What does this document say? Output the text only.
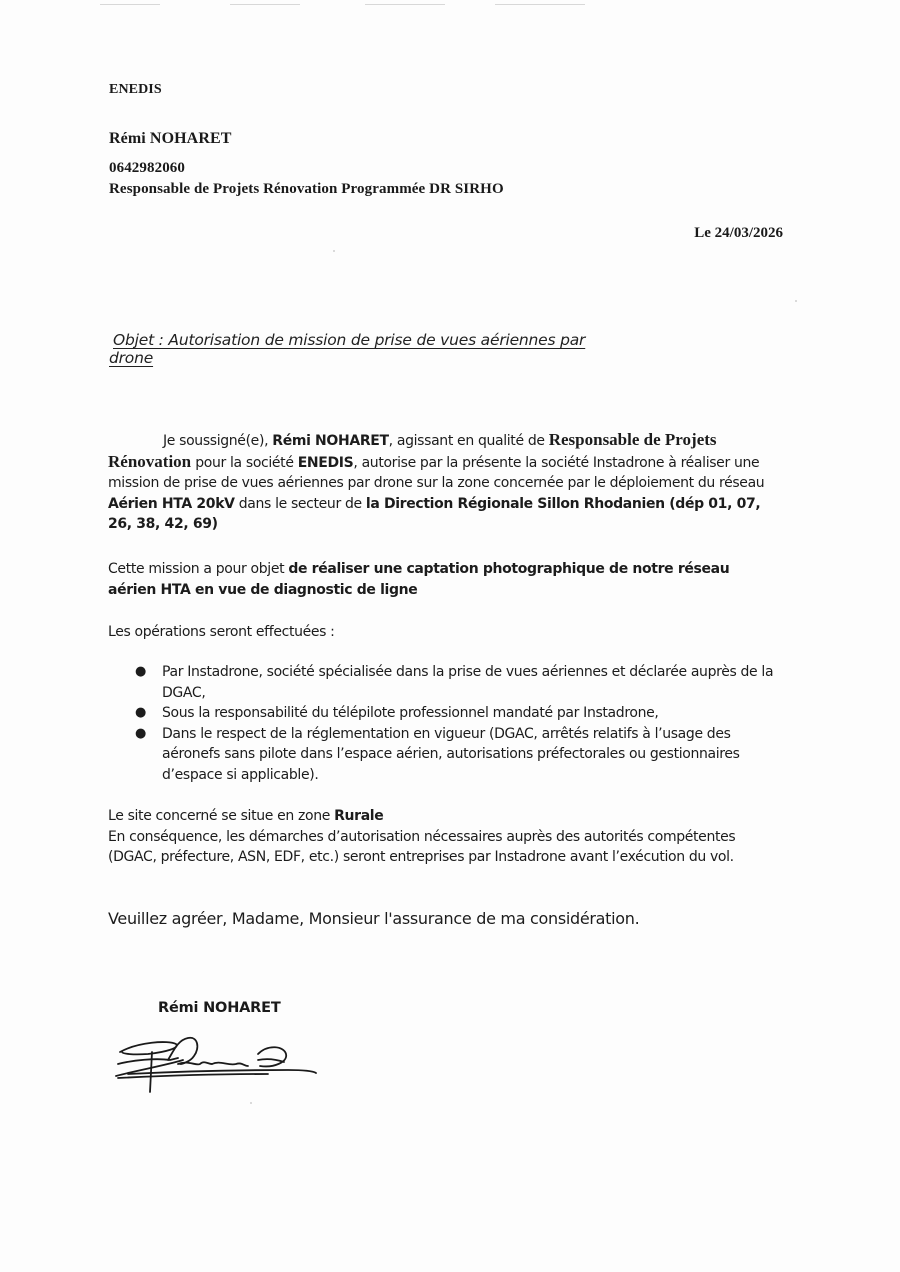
ENEDIS
Rémi NOHARET
0642982060
Responsable de Projets Rénovation Programmée DR SIRHO
Le 24/03/2026
Objet : Autorisation de mission de prise de vues aériennes par drone
Je soussigné(e), Rémi NOHARET, agissant en qualité de Responsable de Projets Rénovation pour la société ENEDIS, autorise par la présente la société Instadrone à réaliser une mission de prise de vues aériennes par drone sur la zone concernée par le déploiement du réseau Aérien HTA 20kV dans le secteur de la Direction Régionale Sillon Rhodanien (dép 01, 07, 26, 38, 42, 69)
Cette mission a pour objet de réaliser une captation photographique de notre réseau aérien HTA en vue de diagnostic de ligne
Les opérations seront effectuées :
● Par Instadrone, société spécialisée dans la prise de vues aériennes et déclarée auprès de la DGAC,
● Sous la responsabilité du télépilote professionnel mandaté par Instadrone,
● Dans le respect de la réglementation en vigueur (DGAC, arrêtés relatifs à l’usage des aéronefs sans pilote dans l’espace aérien, autorisations préfectorales ou gestionnaires d’espace si applicable).
Le site concerné se situe en zone Rurale
En conséquence, les démarches d’autorisation nécessaires auprès des autorités compétentes (DGAC, préfecture, ASN, EDF, etc.) seront entreprises par Instadrone avant l’exécution du vol.
Veuillez agréer, Madame, Monsieur l'assurance de ma considération.
Rémi NOHARET
